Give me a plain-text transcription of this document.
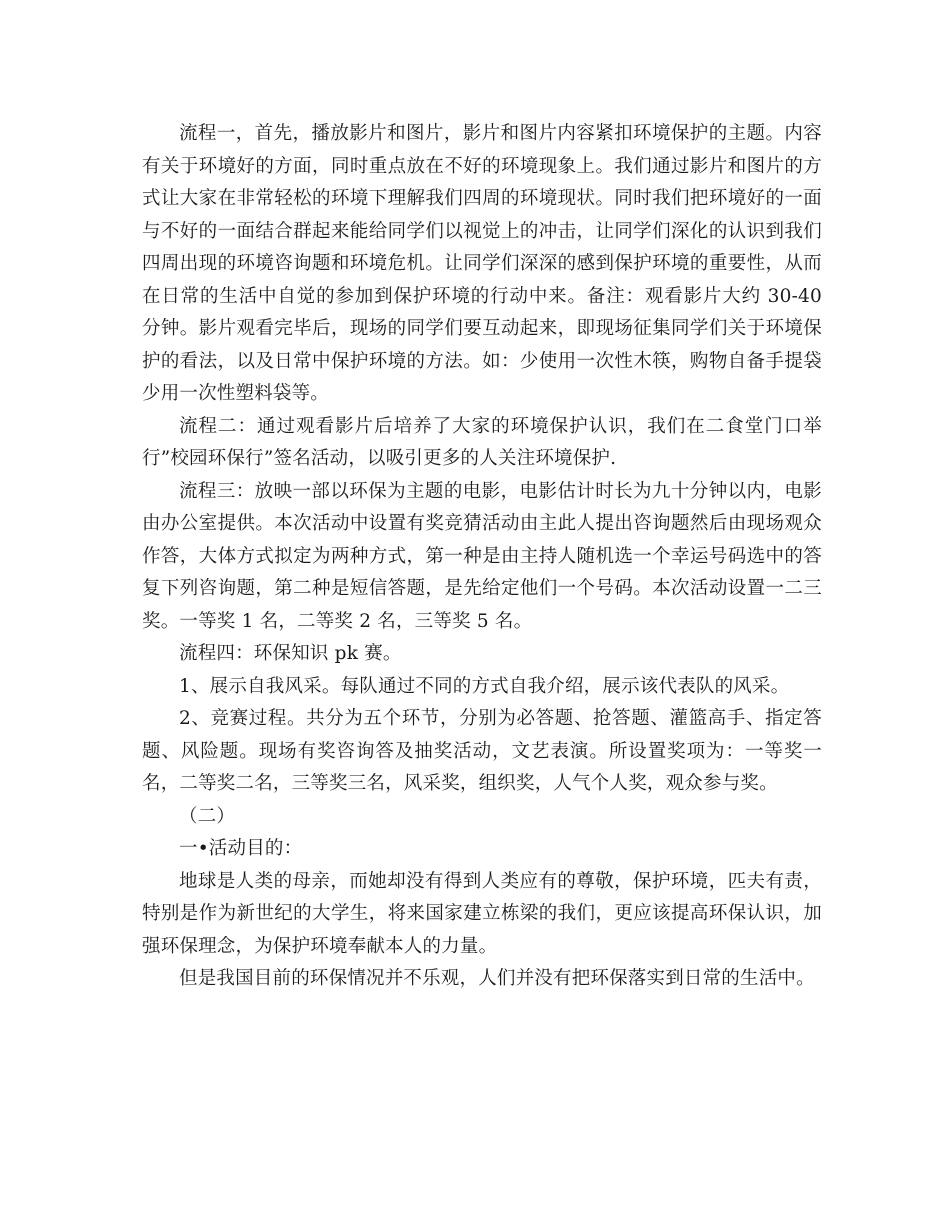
流程一，首先，播放影片和图片，影片和图片内容紧扣环境保护的主题。内容有关于环境好的方面，同时重点放在不好的环境现象上。我们通过影片和图片的方式让大家在非常轻松的环境下理解我们四周的环境现状。同时我们把环境好的一面与不好的一面结合群起来能给同学们以视觉上的冲击，让同学们深化的认识到我们四周出现的环境咨询题和环境危机。让同学们深深的感到保护环境的重要性，从而在日常的生活中自觉的参加到保护环境的行动中来。备注：观看影片大约 30-40 分钟。影片观看完毕后，现场的同学们要互动起来，即现场征集同学们关于环境保护的看法，以及日常中保护环境的方法。如：少使用一次性木筷，购物自备手提袋少用一次性塑料袋等。

流程二：通过观看影片后培养了大家的环境保护认识，我们在二食堂门口举行”校园环保行”签名活动，以吸引更多的人关注环境保护.

流程三：放映一部以环保为主题的电影，电影估计时长为九十分钟以内，电影由办公室提供。本次活动中设置有奖竞猜活动由主此人提出咨询题然后由现场观众作答，大体方式拟定为两种方式，第一种是由主持人随机选一个幸运号码选中的答复下列咨询题，第二种是短信答题，是先给定他们一个号码。本次活动设置一二三奖。一等奖 1 名，二等奖 2 名，三等奖 5 名。

流程四：环保知识 pk 赛。

1、展示自我风采。每队通过不同的方式自我介绍，展示该代表队的风采。

2、竞赛过程。共分为五个环节，分别为必答题、抢答题、灌篮高手、指定答题、风险题。现场有奖咨询答及抽奖活动，文艺表演。所设置奖项为：一等奖一名，二等奖二名，三等奖三名，风采奖，组织奖，人气个人奖，观众参与奖。

（二）

一•活动目的：

地球是人类的母亲，而她却没有得到人类应有的尊敬，保护环境，匹夫有责，特别是作为新世纪的大学生，将来国家建立栋梁的我们，更应该提高环保认识，加强环保理念，为保护环境奉献本人的力量。

但是我国目前的环保情况并不乐观，人们并没有把环保落实到日常的生活中。
